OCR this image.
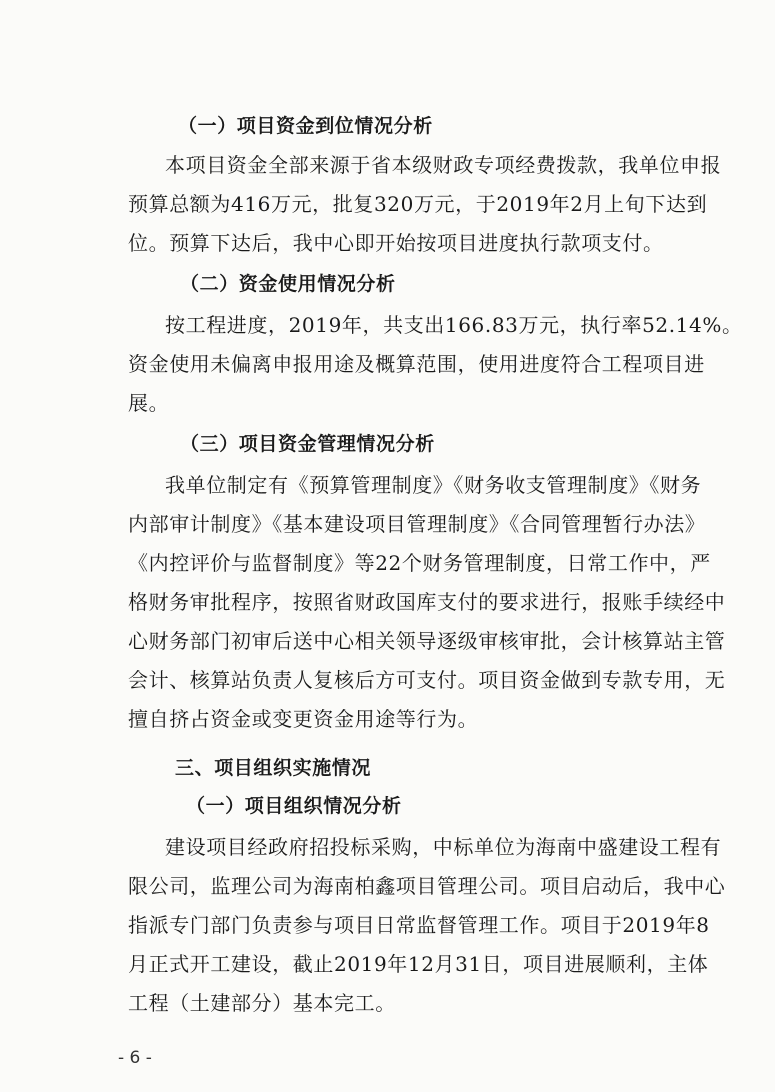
（一）项目资金到位情况分析
本项目资金全部来源于省本级财政专项经费拨款，我单位申报
预算总额为416万元，批复320万元，于2019年2月上旬下达到
位。预算下达后，我中心即开始按项目进度执行款项支付。
（二）资金使用情况分析
按工程进度，2019年，共支出166.83万元，执行率52.14%。
资金使用未偏离申报用途及概算范围，使用进度符合工程项目进
展。
（三）项目资金管理情况分析
我单位制定有《预算管理制度》《财务收支管理制度》《财务
内部审计制度》《基本建设项目管理制度》《合同管理暂行办法》
《内控评价与监督制度》等22个财务管理制度，日常工作中，严
格财务审批程序，按照省财政国库支付的要求进行，报账手续经中
心财务部门初审后送中心相关领导逐级审核审批，会计核算站主管
会计、核算站负责人复核后方可支付。项目资金做到专款专用，无
擅自挤占资金或变更资金用途等行为。
三、项目组织实施情况
（一）项目组织情况分析
建设项目经政府招投标采购，中标单位为海南中盛建设工程有
限公司，监理公司为海南柏鑫项目管理公司。项目启动后，我中心
指派专门部门负责参与项目日常监督管理工作。项目于2019年8
月正式开工建设，截止2019年12月31日，项目进展顺利，主体
工程（土建部分）基本完工。
- 6 -
